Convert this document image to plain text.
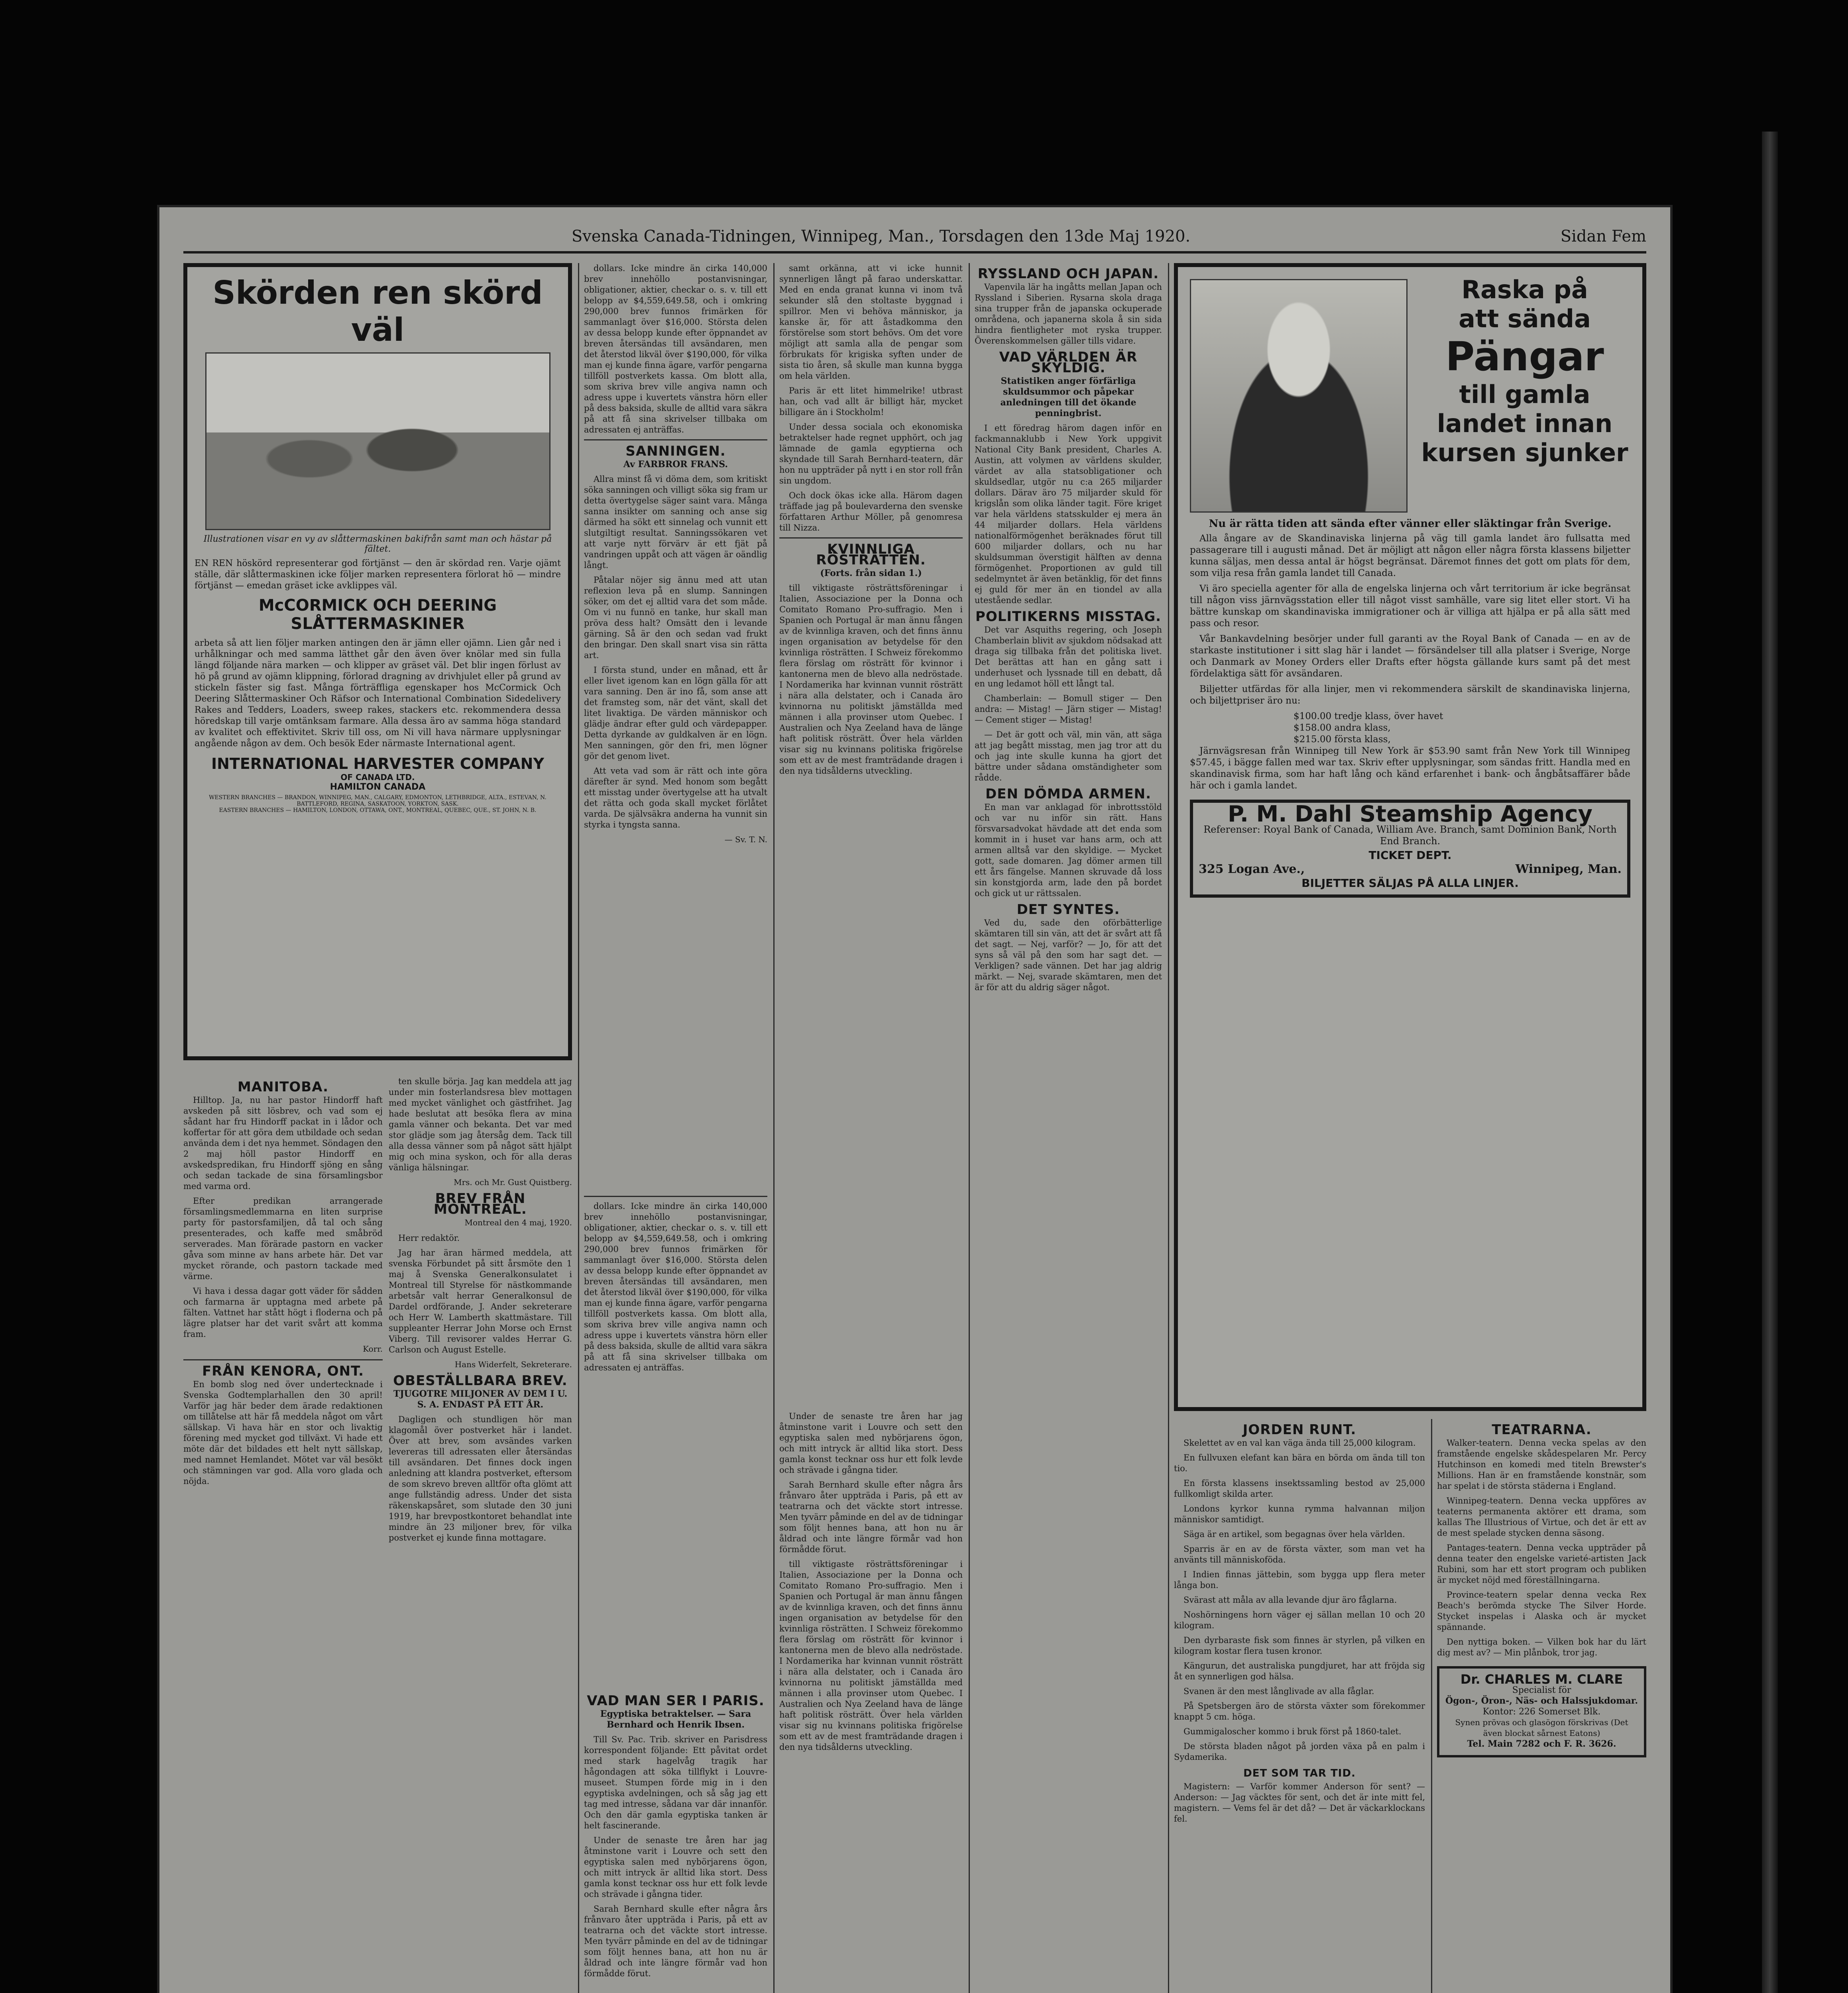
Svenska Canada-Tidningen, Winnipeg, Man., Torsdagen den 13de Maj 1920.	Sidan Fem
Skörden ren skörd väl
Illustrationen visar en vy av slåttermaskinen bakifrån samt man och hästar på fältet.
EN REN höskörd representerar god förtjänst — den är skördad ren. Varje ojämt ställe, där slåttermaskinen icke följer marken representera förlorat hö — mindre förtjänst — emedan gräset icke avklippes väl.
McCORMICK OCH DEERING SLÅTTERMASKINER
arbeta så att lien följer marken antingen den är jämn eller ojämn. Lien går ned i urhålkningar och med samma lätthet går den även över knölar med sin fulla längd följande nära marken — och klipper av gräset väl. Det blir ingen förlust av hö på grund av ojämn klippning, förlorad dragning av drivhjulet eller på grund av stickeln fäster sig fast. Många förträffliga egenskaper hos McCormick Och Deering Slåttermaskiner Och Räfsor och International Combination Sidedelivery Rakes and Tedders, Loaders, sweep rakes, stackers etc. rekommendera dessa höredskap till varje omtänksam farmare. Alla dessa äro av samma höga standard av kvalitet och effektivitet. Skriv till oss, om Ni vill hava närmare upplysningar angående någon av dem. Och besök Eder närmaste International agent.
INTERNATIONAL HARVESTER COMPANY
OF CANADA LTD.
HAMILTON CANADA
WESTERN BRANCHES — BRANDON, WINNIPEG, MAN., CALGARY, EDMONTON, LETHBRIDGE, ALTA., ESTEVAN, N. BATTLEFORD, REGINA, SASKATOON, YORKTON, SASK.
EASTERN BRANCHES — HAMILTON, LONDON, OTTAWA, ONT., MONTREAL, QUEBEC, QUE., ST. JOHN, N. B.

dollars. Icke mindre än cirka 140,000 brev innehöllo postanvisningar, obligationer, aktier, checkar o. s. v. till ett belopp av $4,559,649.58, och i omkring 290,000 brev funnos frimärken för sammanlagt över $16,000. Största delen av dessa belopp kunde efter öppnandet av breven återsändas till avsändaren, men det återstod likväl över $190,000, för vilka man ej kunde finna ägare, varför pengarna tillföll postverkets kassa. Om blott alla, som skriva brev ville angiva namn och adress uppe i kuvertets vänstra hörn eller på dess baksida, skulle de alltid vara säkra på att få sina skrivelser tillbaka om adressaten ej anträffas.

SANNINGEN.
Av FARBROR FRANS.

Allra minst få vi döma dem, som kritiskt söka sanningen och villigt söka sig fram ur detta övertygelse säger saint vara. Många sanna insikter om sanning och anse sig därmed ha sökt ett sinnelag och vunnit ett slutgiltigt resultat. Sanningssökaren vet att varje nytt förvärv är ett fjät på vandringen uppåt och att vägen är oändlig långt.

Påtalar nöjer sig ännu med att utan reflexion leva på en slump. Sanningen söker, om det ej alltid vara det som måde. Om vi nu funnö en tanke, hur skall man pröva dess halt? Omsätt den i levande gärning. Så är den och sedan vad frukt den bringar. Den skall snart visa sin rätta art.

I första stund, under en månad, ett år eller livet igenom kan en lögn gälla för att vara sanning. Den är ino få, som anse att det framsteg som, när det vänt, skall det litet livaktiga. De värden människor och glädje ändrar efter guld och värdepapper. Detta dyrkande av guldkalven är en lögn. Men sanningen, gör den fri, men lögner gör det genom livet.

Att veta vad som är rätt och inte göra därefter är synd. Med honom som begått ett misstag under övertygelse att ha utvalt det rätta och goda skall mycket förlåtet varda. De självsäkra anderna ha vunnit sin styrka i tyngsta sanna.

— Sv. T. N.
VAD MAN SER I PARIS.
Egyptiska betraktelser. — Sara Bernhard och Henrik Ibsen.

Till Sv. Pac. Trib. skriver en Parisdress korrespondent följande: Ett påvitat ordet med stark hagelvåg tragik har hågondagen att söka tillflykt i Louvre-museet. Stumpen förde mig in i den egyptiska avdelningen, och så såg jag ett tag med intresse, sådana var där innanför. Och den där gamla egyptiska tanken är helt fascinerande.

Under de senaste tre åren har jag åtminstone varit i Louvre och sett den egyptiska salen med nybörjarens ögon, och mitt intryck är alltid lika stort. Dess gamla konst tecknar oss hur ett folk levde och strävade i gångna tider.

Sarah Bernhard skulle efter några års frånvaro åter uppträda i Paris, på ett av teatrarna och det väckte stort intresse. Men tyvärr påminde en del av de tidningar som följt hennes bana, att hon nu är åldrad och inte längre förmår vad hon förmådde förut.

samt orkänna, att vi icke hunnit synnerligen långt på farao underskattar. Med en enda granat kunna vi inom två sekunder slå den stoltaste byggnad i spillror. Men vi behöva människor, ja kanske är, för att åstadkomma den förstörelse som stort behövs. Om det vore möjligt att samla alla de pengar som förbrukats för krigiska syften under de sista tio åren, så skulle man kunna bygga om hela världen.

Paris är ett litet himmelrike! utbrast han, och vad allt är billigt här, mycket billigare än i Stockholm!

Under dessa sociala och ekonomiska betraktelser hade regnet upphört, och jag lämnade de gamla egyptierna och skyndade till Sarah Bernhard-teatern, där hon nu uppträder på nytt i en stor roll från sin ungdom.

Och dock ökas icke alla. Härom dagen träffade jag på boulevarderna den svenske författaren Arthur Möller, på genomresa till Nizza.

KVINNLIGA RÖSTRÄTTEN.
(Forts. från sidan 1.)

till viktigaste rösträttsföreningar i Italien, Associazione per la Donna och Comitato Romano Pro-suffragio. Men i Spanien och Portugal är man ännu fången av de kvinnliga kraven, och det finns ännu ingen organisation av betydelse för den kvinnliga rösträtten. I Schweiz förekommo flera förslag om rösträtt för kvinnor i kantonerna men de blevo alla nedröstade. I Nordamerika har kvinnan vunnit rösträtt i nära alla delstater, och i Canada äro kvinnorna nu politiskt jämställda med männen i alla provinser utom Quebec. I Australien och Nya Zeeland hava de länge haft politisk rösträtt. Över hela världen visar sig nu kvinnans politiska frigörelse som ett av de mest framträdande dragen i den nya tidsålderns utveckling.

RYSSLAND OCH JAPAN.

Vapenvila lär ha ingåtts mellan Japan och Ryssland i Siberien. Rysarna skola draga sina trupper från de japanska ockuperade områdena, och japanerna skola å sin sida hindra fientligheter mot ryska trupper. Överenskommelsen gäller tills vidare.

VAD VÄRLDEN ÄR SKYLDIG.
Statistiken anger förfärliga skuldsummor och påpekar anledningen till det ökande penningbrist.

I ett föredrag härom dagen inför en fackmannaklubb i New York uppgivit National City Bank president, Charles A. Austin, att volymen av världens skulder, värdet av alla statsobligationer och skuldsedlar, utgör nu c:a 265 miljarder dollars. Därav äro 75 miljarder skuld för krigslån som olika länder tagit. Före kriget var hela världens statsskulder ej mera än 44 miljarder dollars. Hela världens nationalförmögenhet beräknades förut till 600 miljarder dollars, och nu har skuldsumman överstigit hälften av denna förmögenhet. Proportionen av guld till sedelmyntet är även betänklig, för det finns ej guld för mer än en tiondel av alla utestående sedlar.

POLITIKERNS MISSTAG.

Det var Asquiths regering, och Joseph Chamberlain blivit av sjukdom nödsakad att draga sig tillbaka från det politiska livet. Det berättas att han en gång satt i underhuset och lyssnade till en debatt, då en ung ledamot höll ett långt tal.

Chamberlain: — Bomull stiger — Den andra: — Mistag! — Järn stiger — Mistag! — Cement stiger — Mistag!

— Det är gott och väl, min vän, att säga att jag begått misstag, men jag tror att du och jag inte skulle kunna ha gjort det bättre under sådana omständigheter som rådde.

DEN DÖMDA ARMEN.

En man var anklagad för inbrottsstöld och var nu inför sin rätt. Hans försvarsadvokat hävdade att det enda som kommit in i huset var hans arm, och att armen alltså var den skyldige. — Mycket gott, sade domaren. Jag dömer armen till ett års fängelse. Mannen skruvade då loss sin konstgjorda arm, lade den på bordet och gick ut ur rättssalen.

DET SYNTES.

Ved du, sade den oförbätterlige skämtaren till sin vän, att det är svårt att få det sagt. — Nej, varför? — Jo, för att det syns så väl på den som har sagt det. — Verkligen? sade vännen. Det har jag aldrig märkt. — Nej, svarade skämtaren, men det är för att du aldrig säger något.

Raska på
att sända
Pängar
till gamla
landet innan
kursen sjunker
Nu är rätta tiden att sända efter vänner eller släktingar från Sverige.

Alla ångare av de Skandinaviska linjerna på väg till gamla landet äro fullsatta med passagerare till i augusti månad. Det är möjligt att någon eller några första klassens biljetter kunna säljas, men dessa antal är högst begränsat. Däremot finnes det gott om plats för dem, som vilja resa från gamla landet till Canada.

Vi äro speciella agenter för alla de engelska linjerna och vårt territorium är icke begränsat till någon viss järnvägsstation eller till något visst samhälle, vare sig litet eller stort. Vi ha bättre kunskap om skandinaviska immigrationer och är villiga att hjälpa er på alla sätt med pass och resor.

Vår Bankavdelning besörjer under full garanti av the Royal Bank of Canada — en av de starkaste institutioner i sitt slag här i landet — försändelser till alla platser i Sverige, Norge och Danmark av Money Orders eller Drafts efter högsta gällande kurs samt på det mest fördelaktiga sätt för avsändaren.

Biljetter utfärdas för alla linjer, men vi rekommendera särskilt de skandinaviska linjerna, och biljettpriser äro nu:

$100.00 tredje klass, över havet
$158.00 andra klass,
$215.00 första klass,

Järnvägsresan från Winnipeg till New York är $53.90 samt från New York till Winnipeg $57.45, i bägge fallen med war tax. Skriv efter upplysningar, som sändas fritt. Handla med en skandinavisk firma, som har haft lång och känd erfarenhet i bank- och ångbåtsaffärer både här och i gamla landet.

P. M. Dahl Steamship Agency
Referenser: Royal Bank of Canada, William Ave. Branch, samt Dominion Bank, North End Branch.
TICKET DEPT.
325 Logan Ave.,	Winnipeg, Man.
BILJETTER SÄLJAS PÅ ALLA LINJER.
MANITOBA.

Hilltop. Ja, nu har pastor Hindorff haft avskeden på sitt lösbrev, och vad som ej sådant har fru Hindorff packat in i lådor och koffertar för att göra dem utbildade och sedan använda dem i det nya hemmet. Söndagen den 2 maj höll pastor Hindorff en avskedspredikan, fru Hindorff sjöng en sång och sedan tackade de sina församlingsbor med varma ord.

Efter predikan arrangerade församlingsmedlemmarna en liten surprise party för pastorsfamiljen, då tal och sång presenterades, och kaffe med småbröd serverades. Man förärade pastorn en vacker gåva som minne av hans arbete här. Det var mycket rörande, och pastorn tackade med värme.

Vi hava i dessa dagar gott väder för sådden och farmarna är upptagna med arbete på fälten. Vattnet har stått högt i floderna och på lägre platser har det varit svårt att komma fram.

Korr.
FRÅN KENORA, ONT.

En bomb slog ned över undertecknade i Svenska Godtemplarhallen den 30 april! Varför jag här beder dem ärade redaktionen om tillåtelse att här få meddela något om vårt sällskap. Vi hava här en stor och livaktig förening med mycket god tillväxt. Vi hade ett möte där det bildades ett helt nytt sällskap, med namnet Hemlandet. Mötet var väl besökt och stämningen var god. Alla voro glada och nöjda.

ten skulle börja. Jag kan meddela att jag under min fosterlandsresa blev mottagen med mycket vänlighet och gästfrihet. Jag hade beslutat att besöka flera av mina gamla vänner och bekanta. Det var med stor glädje som jag återsåg dem. Tack till alla dessa vänner som på något sätt hjälpt mig och mina syskon, och för alla deras vänliga hälsningar.

Mrs. och Mr. Gust Quistberg.
BREV FRÅN MONTREAL.
Montreal den 4 maj, 1920.

Herr redaktör.

Jag har äran härmed meddela, att svenska Förbundet på sitt årsmöte den 1 maj å Svenska Generalkonsulatet i Montreal till Styrelse för nästkommande arbetsår valt herrar Generalkonsul de Dardel ordförande, J. Ander sekreterare och Herr W. Lamberth skattmästare. Till suppleanter Herrar John Morse och Ernst Viberg. Till revisorer valdes Herrar G. Carlson och August Estelle.

Hans Widerfelt, Sekreterare.
OBESTÄLLBARA BREV.
TJUGOTRE MILJONER AV DEM I U. S. A. ENDAST PÅ ETT ÅR.

Dagligen och stundligen hör man klagomål över postverket här i landet. Över att brev, som avsändes varken levereras till adressaten eller återsändas till avsändaren. Det finnes dock ingen anledning att klandra postverket, eftersom de som skrevo breven alltför ofta glömt att ange fullständig adress. Under det sista räkenskapsåret, som slutade den 30 juni 1919, har brevpostkontoret behandlat inte mindre än 23 miljoner brev, för vilka postverket ej kunde finna mottagare.

dollars. Icke mindre än cirka 140,000 brev innehöllo postanvisningar, obligationer, aktier, checkar o. s. v. till ett belopp av $4,559,649.58, och i omkring 290,000 brev funnos frimärken för sammanlagt över $16,000. Största delen av dessa belopp kunde efter öppnandet av breven återsändas till avsändaren, men det återstod likväl över $190,000, för vilka man ej kunde finna ägare, varför pengarna tillföll postverkets kassa. Om blott alla, som skriva brev ville angiva namn och adress uppe i kuvertets vänstra hörn eller på dess baksida, skulle de alltid vara säkra på att få sina skrivelser tillbaka om adressaten ej anträffas.

Under de senaste tre åren har jag åtminstone varit i Louvre och sett den egyptiska salen med nybörjarens ögon, och mitt intryck är alltid lika stort. Dess gamla konst tecknar oss hur ett folk levde och strävade i gångna tider.

Sarah Bernhard skulle efter några års frånvaro åter uppträda i Paris, på ett av teatrarna och det väckte stort intresse. Men tyvärr påminde en del av de tidningar som följt hennes bana, att hon nu är åldrad och inte längre förmår vad hon förmådde förut.

till viktigaste rösträttsföreningar i Italien, Associazione per la Donna och Comitato Romano Pro-suffragio. Men i Spanien och Portugal är man ännu fången av de kvinnliga kraven, och det finns ännu ingen organisation av betydelse för den kvinnliga rösträtten. I Schweiz förekommo flera förslag om rösträtt för kvinnor i kantonerna men de blevo alla nedröstade. I Nordamerika har kvinnan vunnit rösträtt i nära alla delstater, och i Canada äro kvinnorna nu politiskt jämställda med männen i alla provinser utom Quebec. I Australien och Nya Zeeland hava de länge haft politisk rösträtt. Över hela världen visar sig nu kvinnans politiska frigörelse som ett av de mest framträdande dragen i den nya tidsålderns utveckling.

JORDEN RUNT.

Skelettet av en val kan väga ända till 25,000 kilogram.

En fullvuxen elefant kan bära en börda om ända till ton tio.

En första klassens insektssamling bestod av 25,000 fullkomligt skilda arter.

Londons kyrkor kunna rymma halvannan miljon människor samtidigt.

Säga är en artikel, som begagnas över hela världen.

Sparris är en av de första växter, som man vet ha använts till människoföda.

I Indien finnas jättebin, som bygga upp flera meter långa bon.

Svärast att måla av alla levande djur äro fåglarna.

Noshörningens horn väger ej sällan mellan 10 och 20 kilogram.

Den dyrbaraste fisk som finnes är styrlen, på vilken en kilogram kostar flera tusen kronor.

Kängurun, det australiska pungdjuret, har att fröjda sig åt en synnerligen god hälsa.

Svanen är den mest långlivade av alla fåglar.

På Spetsbergen äro de största växter som förekommer knappt 5 cm. höga.

Gummigaloscher kommo i bruk först på 1860-talet.

De största bladen något på jorden växa på en palm i Sydamerika.

DET SOM TAR TID.

Magistern: — Varför kommer Anderson för sent? — Anderson: — Jag väcktes för sent, och det är inte mitt fel, magistern. — Vems fel är det då? — Det är väckarklockans fel.

TEATRARNA.

Walker-teatern. Denna vecka spelas av den framstående engelske skådespelaren Mr. Percy Hutchinson en komedi med titeln Brewster's Millions. Han är en framstående konstnär, som har spelat i de största städerna i England.

Winnipeg-teatern. Denna vecka uppföres av teaterns permanenta aktörer ett drama, som kallas The Illustrious of Virtue, och det är ett av de mest spelade stycken denna säsong.

Pantages-teatern. Denna vecka uppträder på denna teater den engelske varieté-artisten Jack Rubini, som har ett stort program och publiken är mycket nöjd med föreställningarna.

Province-teatern spelar denna vecka Rex Beach's berömda stycke The Silver Horde. Stycket inspelas i Alaska och är mycket spännande.

Den nyttiga boken. — Vilken bok har du lärt dig mest av? — Min plånbok, tror jag.

Dr. CHARLES M. CLARE
Specialist för
Ögon-, Öron-, Näs- och Halssjukdomar.
Kontor: 226 Somerset Blk.
Synen prövas och glasögon förskrivas (Det även blockat sårnest Eatons)
Tel. Main 7282 och F. R. 3626.
